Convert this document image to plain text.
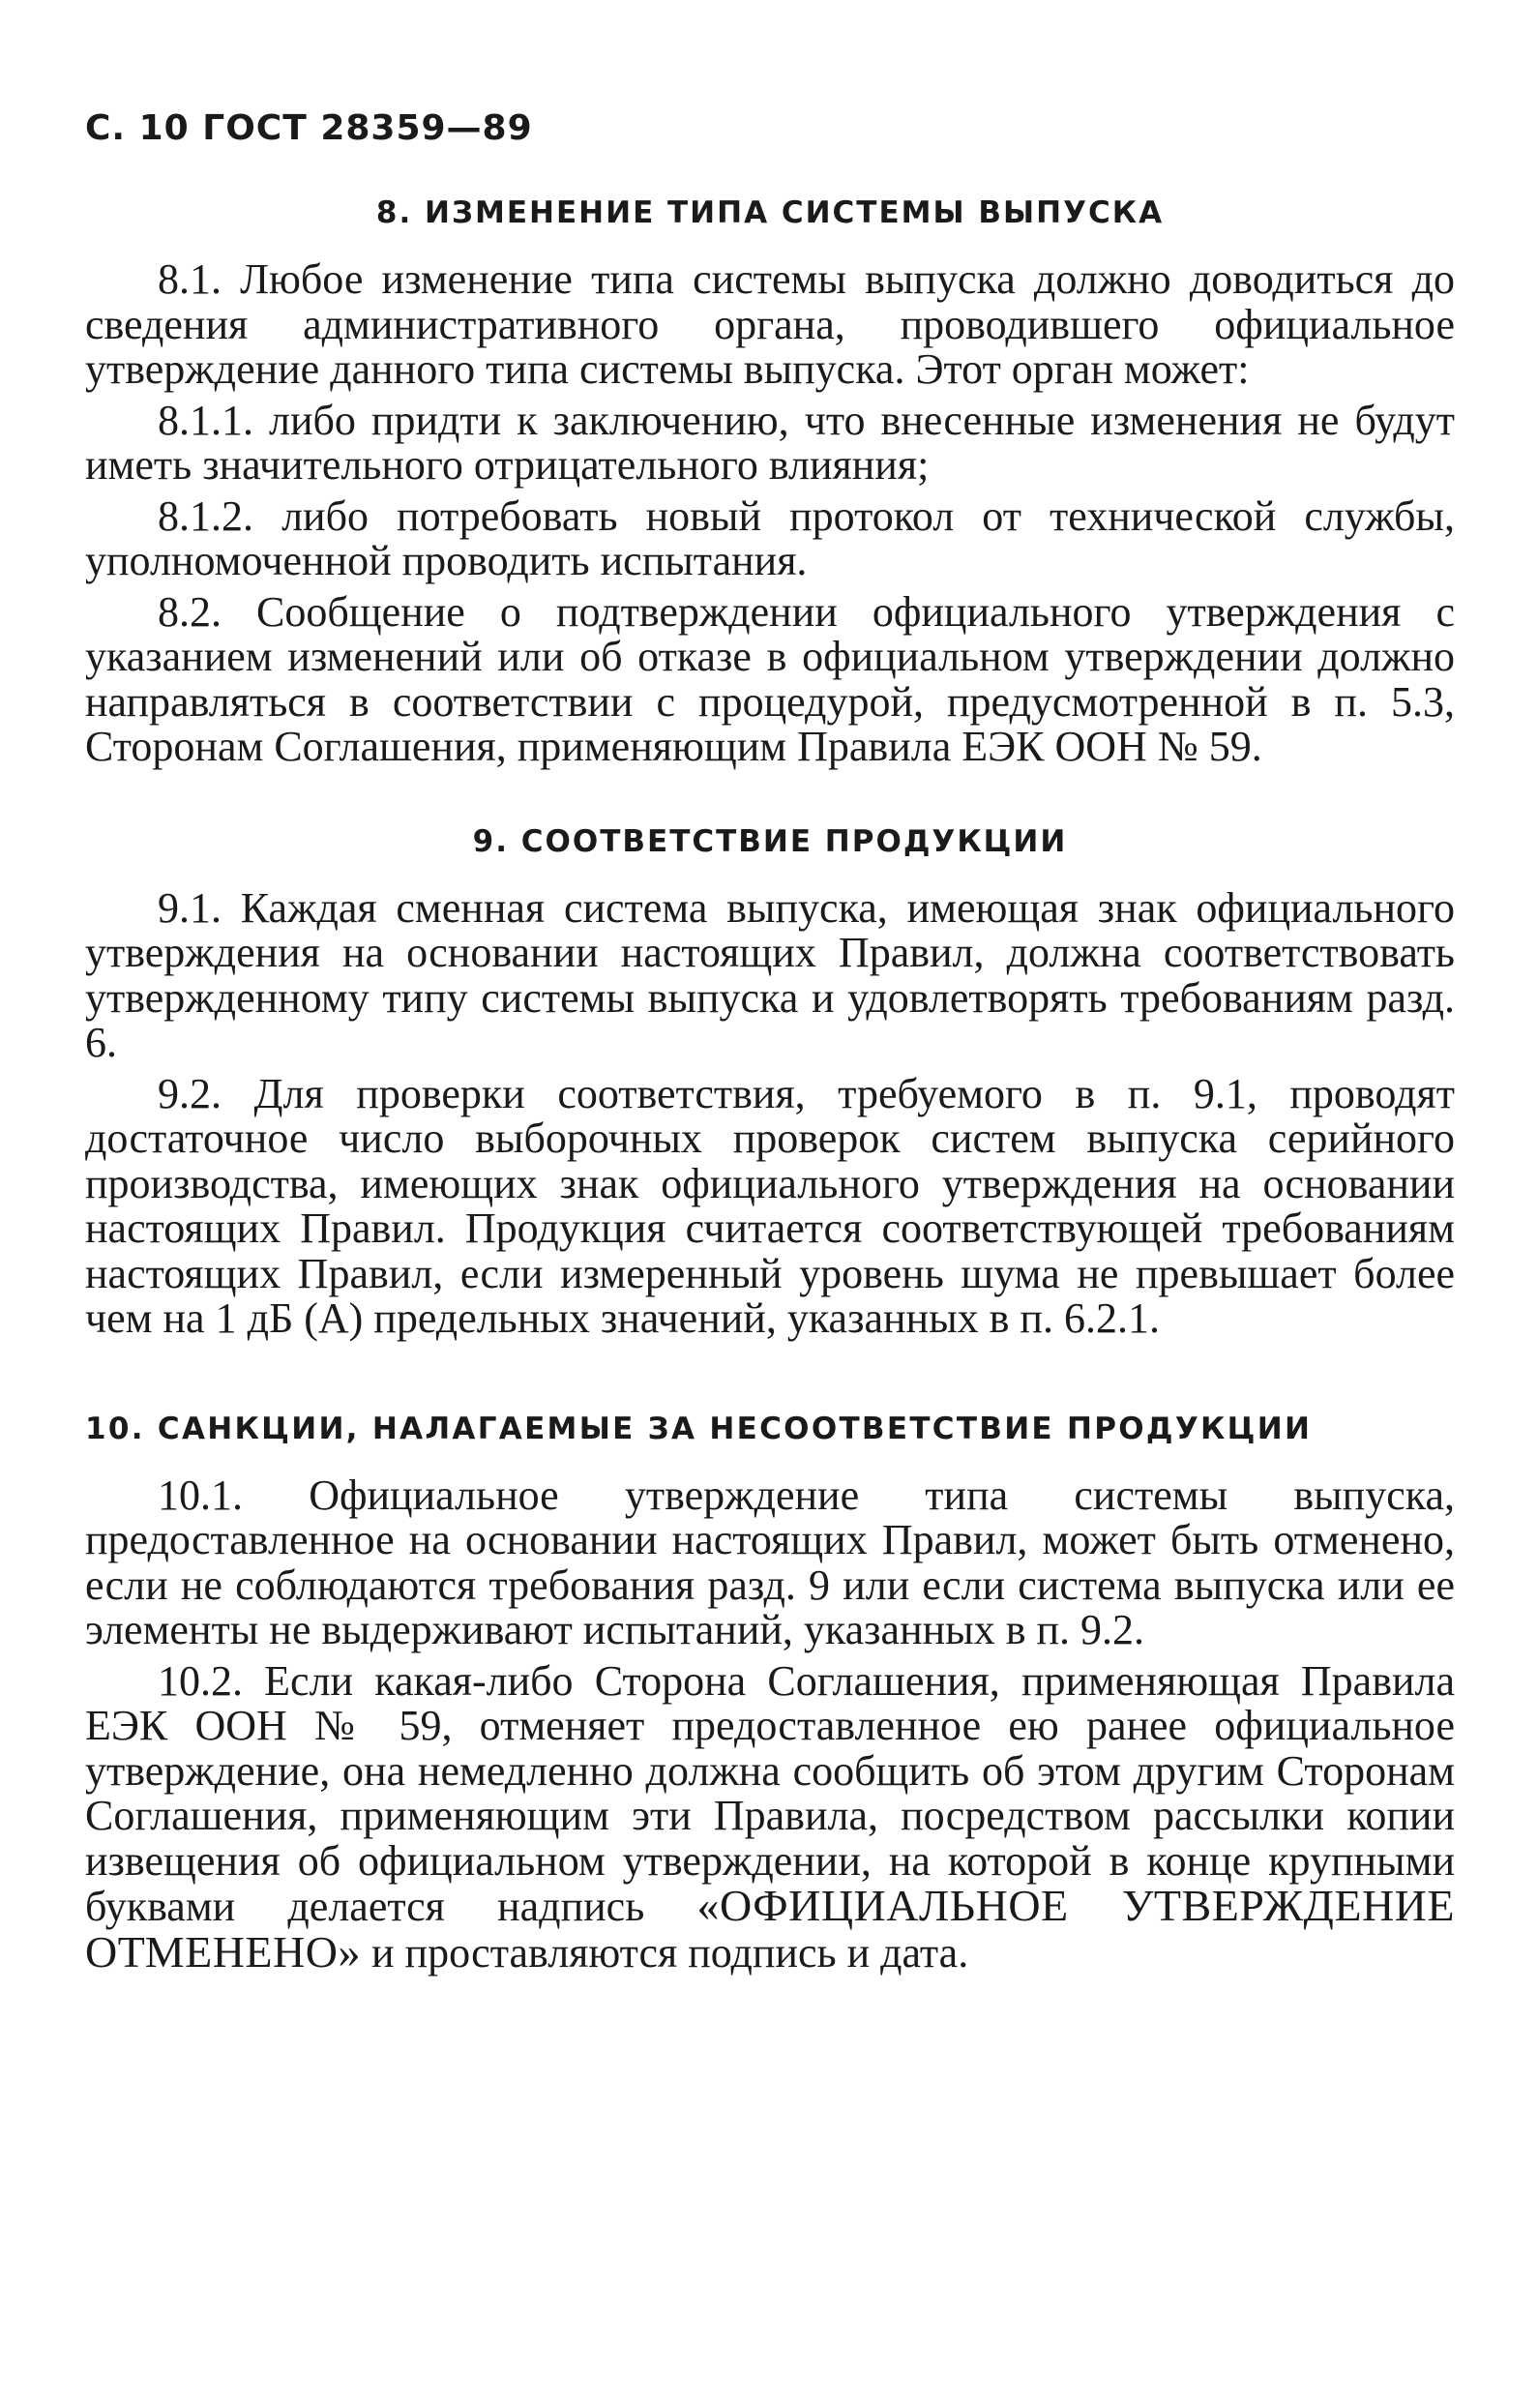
С. 10 ГОСТ 28359—89
8. ИЗМЕНЕНИЕ ТИПА СИСТЕМЫ ВЫПУСКА

8.1. Любое изменение типа системы выпуска должно доводиться до сведения административного органа, проводившего официальное утверждение данного типа системы выпуска. Этот орган может:

8.1.1. либо придти к заключению, что внесенные изменения не будут иметь значительного отрицательного влияния;

8.1.2. либо потребовать новый протокол от технической службы, уполномоченной проводить испытания.

8.2. Сообщение о подтверждении официального утверждения с указанием изменений или об отказе в официальном утверждении должно направляться в соответствии с процедурой, предусмотренной в п. 5.3, Сторонам Соглашения, применяющим Правила ЕЭК ООН № 59.

9. СООТВЕТСТВИЕ ПРОДУКЦИИ

9.1. Каждая сменная система выпуска, имеющая знак официального утверждения на основании настоящих Правил, должна соответствовать утвержденному типу системы выпуска и удовлетворять требованиям разд. 6.

9.2. Для проверки соответствия, требуемого в п. 9.1, проводят достаточное число выборочных проверок систем выпуска серийного производства, имеющих знак официального утверждения на основании настоящих Правил. Продукция считается соответствующей требованиям настоящих Правил, если измеренный уровень шума не превышает более чем на 1 дБ (А) предельных значений, указанных в п. 6.2.1.

10. САНКЦИИ, НАЛАГАЕМЫЕ ЗА НЕСООТВЕТСТВИЕ ПРОДУКЦИИ

10.1. Официальное утверждение типа системы выпуска, предоставленное на основании настоящих Правил, может быть отменено, если не соблюдаются требования разд. 9 или если система выпуска или ее элементы не выдерживают испытаний, указанных в п. 9.2.

10.2. Если какая-либо Сторона Соглашения, применяющая Правила ЕЭК ООН № 59, отменяет предоставленное ею ранее официальное утверждение, она немедленно должна сообщить об этом другим Сторонам Соглашения, применяющим эти Правила, посредством рассылки копии извещения об официальном утверждении, на которой в конце крупными буквами делается надпись «ОФИЦИАЛЬНОЕ УТВЕРЖДЕНИЕ ОТМЕНЕНО» и проставляются подпись и дата.
